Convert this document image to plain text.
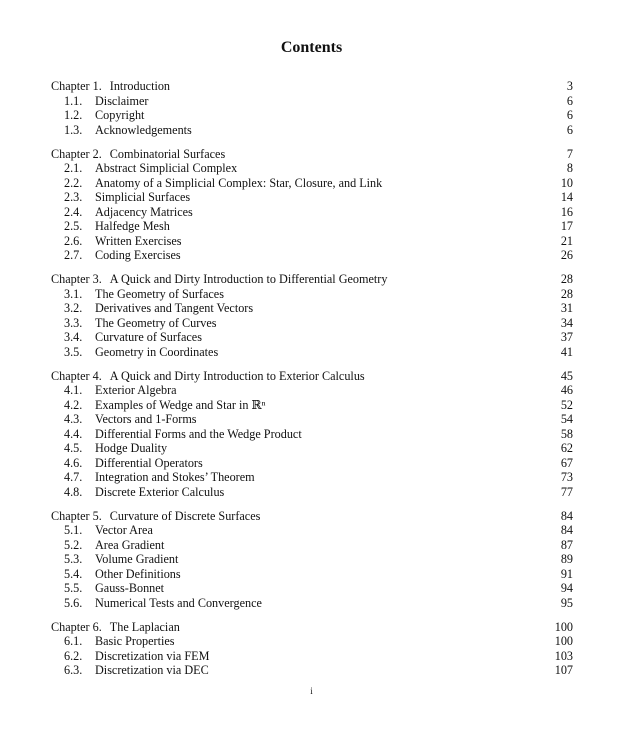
Contents
Chapter 1. Introduction	3
1.1. Disclaimer	6
1.2. Copyright	6
1.3. Acknowledgements	6
Chapter 2. Combinatorial Surfaces	7
2.1. Abstract Simplicial Complex	8
2.2. Anatomy of a Simplicial Complex: Star, Closure, and Link	10
2.3. Simplicial Surfaces	14
2.4. Adjacency Matrices	16
2.5. Halfedge Mesh	17
2.6. Written Exercises	21
2.7. Coding Exercises	26
Chapter 3. A Quick and Dirty Introduction to Differential Geometry	28
3.1. The Geometry of Surfaces	28
3.2. Derivatives and Tangent Vectors	31
3.3. The Geometry of Curves	34
3.4. Curvature of Surfaces	37
3.5. Geometry in Coordinates	41
Chapter 4. A Quick and Dirty Introduction to Exterior Calculus	45
4.1. Exterior Algebra	46
4.2. Examples of Wedge and Star in ℝⁿ	52
4.3. Vectors and 1-Forms	54
4.4. Differential Forms and the Wedge Product	58
4.5. Hodge Duality	62
4.6. Differential Operators	67
4.7. Integration and Stokes’ Theorem	73
4.8. Discrete Exterior Calculus	77
Chapter 5. Curvature of Discrete Surfaces	84
5.1. Vector Area	84
5.2. Area Gradient	87
5.3. Volume Gradient	89
5.4. Other Definitions	91
5.5. Gauss-Bonnet	94
5.6. Numerical Tests and Convergence	95
Chapter 6. The Laplacian	100
6.1. Basic Properties	100
6.2. Discretization via FEM	103
6.3. Discretization via DEC	107
i
